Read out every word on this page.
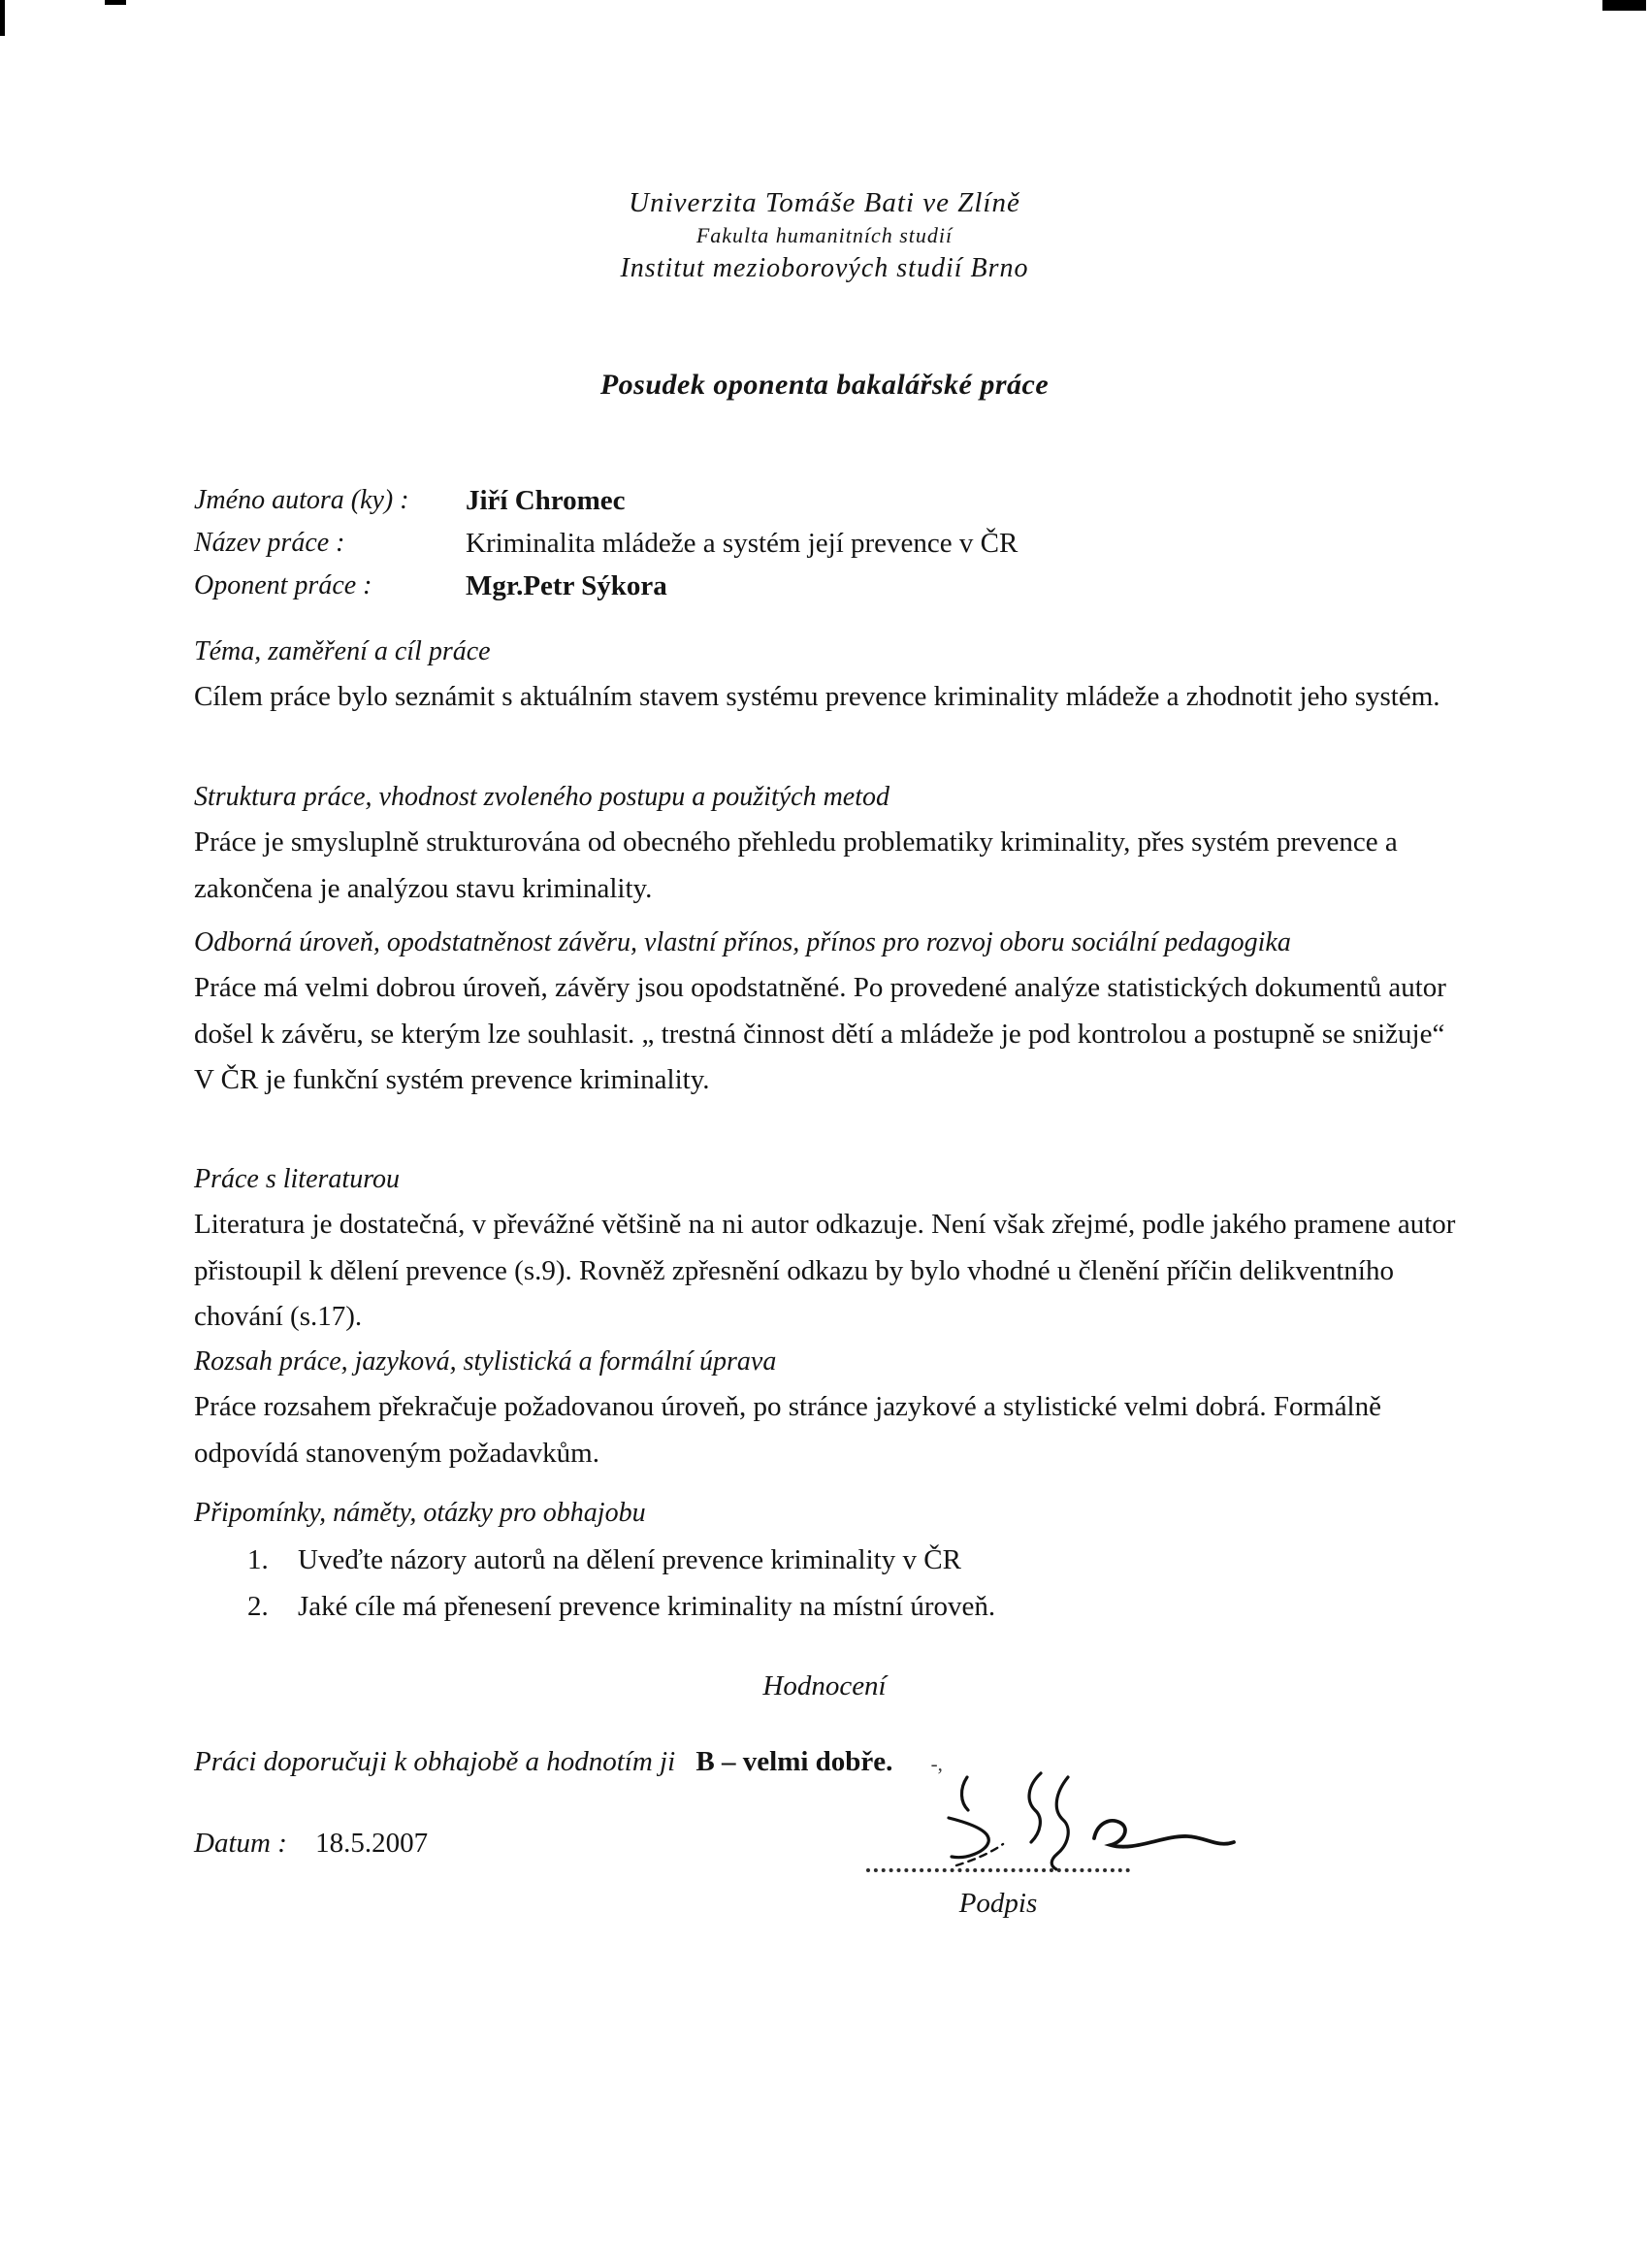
Univerzita Tomáše Bati ve Zlíně
Fakulta humanitních studií
Institut mezioborových studií Brno
Posudek oponenta bakalářské práce
Jméno autora (ky) :	Jiří Chromec
Název práce :	Kriminalita mládeže a systém její prevence v ČR
Oponent práce :	Mgr.Petr Sýkora
Téma, zaměření a cíl práce
Cílem práce bylo seznámit s aktuálním stavem systému prevence kriminality mládeže a zhodnotit jeho systém.
Struktura práce, vhodnost zvoleného postupu a použitých metod
Práce je smysluplně strukturována od obecného přehledu problematiky kriminality, přes systém prevence a zakončena je analýzou stavu kriminality.
Odborná úroveň, opodstatněnost závěru, vlastní přínos, přínos pro rozvoj oboru sociální pedagogika
Práce má velmi dobrou úroveň, závěry jsou opodstatněné. Po provedené analýze statistických dokumentů autor došel k závěru, se kterým lze souhlasit. „ trestná činnost dětí a mládeže je pod kontrolou a postupně se snižuje“ V ČR je funkční systém prevence kriminality.
Práce s literaturou
Literatura je dostatečná, v převážné většině na ni autor odkazuje. Není však zřejmé, podle jakého pramene autor přistoupil k dělení prevence (s.9). Rovněž zpřesnění odkazu by bylo vhodné u členění příčin delikventního chování (s.17).
Rozsah práce, jazyková, stylistická a formální úprava
Práce rozsahem překračuje požadovanou úroveň, po stránce jazykové a stylistické velmi dobrá. Formálně odpovídá stanoveným požadavkům.
Připomínky, náměty, otázky pro obhajobu
1.	Uveďte názory autorů na dělení prevence kriminality v ČR
2.	Jaké cíle má přenesení prevence kriminality na místní úroveň.
Hodnocení
Práci doporučuji k obhajobě a hodnotím ji B – velmi dobře. -,
Datum : 18.5.2007
Podpis
